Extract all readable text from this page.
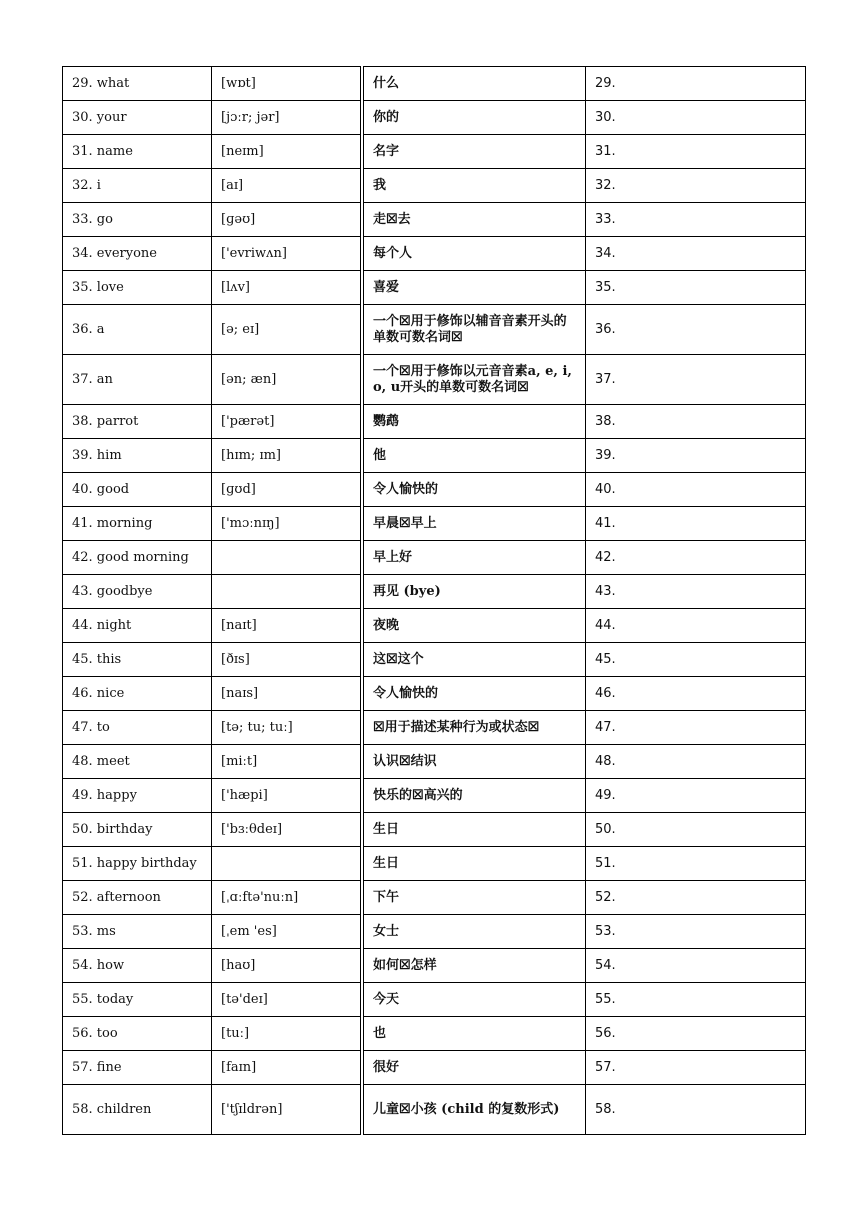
29. what	[wɒt]	什么	29.
30. your	[jɔːr; jər]	你的	30.
31. name	[neɪm]	名字	31.
32. i	[aɪ]	我	32.
33. go	[ɡəʊ]	走☒去	33.
34. everyone	['evriwʌn]	每个人	34.
35. love	[lʌv]	喜爱	35.
36. a	[ə; eɪ]	一个☒用于修饰以辅音音素开头的单数可数名词☒	36.
37. an	[ən; æn]	一个☒用于修饰以元音音素a, e, i, o, u开头的单数可数名词☒	37.
38. parrot	['pærət]	鹦鹉	38.
39. him	[hɪm; ɪm]	他	39.
40. good	[ɡʊd]	令人愉快的	40.
41. morning	['mɔːnɪŋ]	早晨☒早上	41.
42. good morning		早上好	42.
43. goodbye		再见 (bye)	43.
44. night	[naɪt]	夜晚	44.
45. this	[ðɪs]	这☒这个	45.
46. nice	[naɪs]	令人愉快的	46.
47. to	[tə; tu; tuː]	☒用于描述某种行为或状态☒	47.
48. meet	[miːt]	认识☒结识	48.
49. happy	['hæpi]	快乐的☒高兴的	49.
50. birthday	['bɜːθdeɪ]	生日	50.
51. happy birthday		生日	51.
52. afternoon	[ˌɑːftə'nuːn]	下午	52.
53. ms	[ˌem 'es]	女士	53.
54. how	[haʊ]	如何☒怎样	54.
55. today	[tə'deɪ]	今天	55.
56. too	[tuː]	也	56.
57. fine	[faɪn]	很好	57.
58. children	['tʃɪldrən]	儿童☒小孩 (child 的复数形式)	58.
